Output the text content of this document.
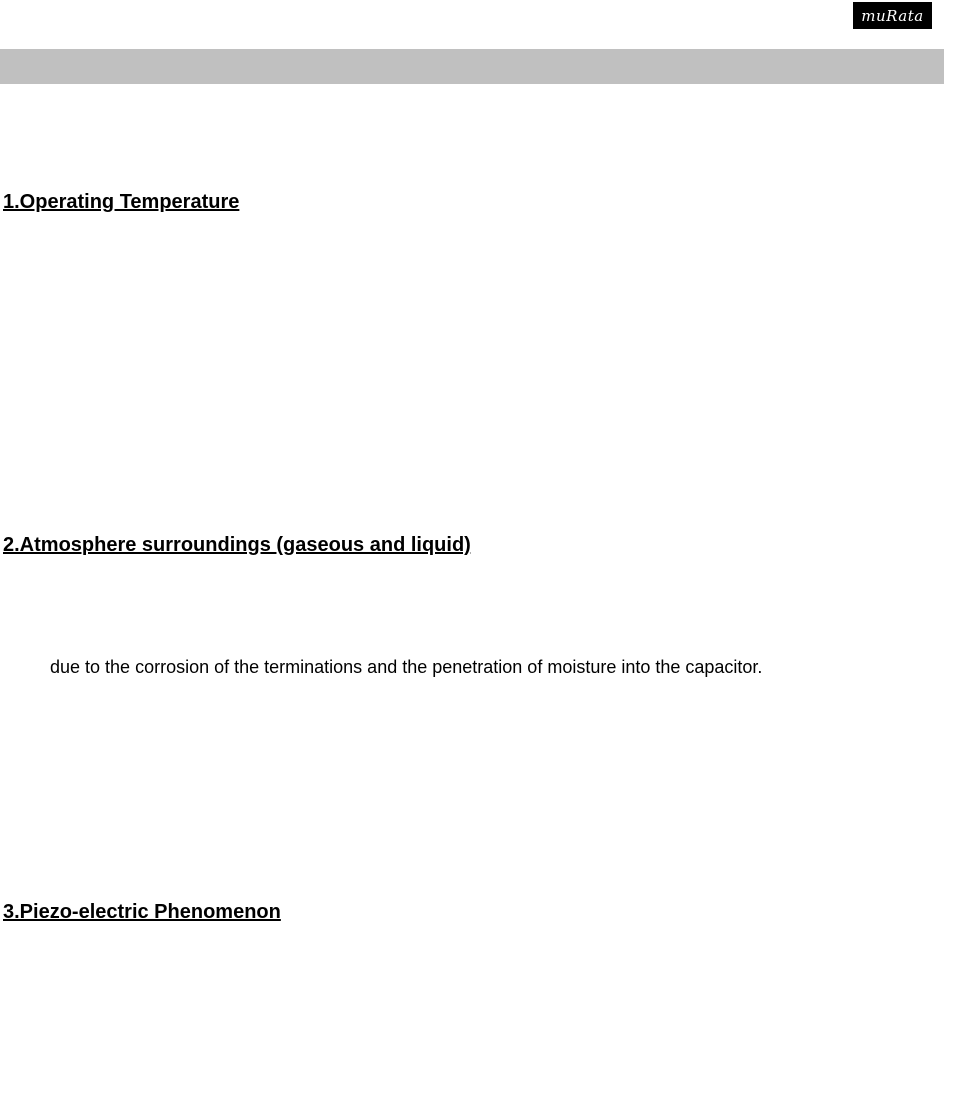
muRata
1.Operating Temperature
2.Atmosphere surroundings (gaseous and liquid)

due to the corrosion of the terminations and the penetration of moisture into the capacitor.

3.Piezo-electric Phenomenon
